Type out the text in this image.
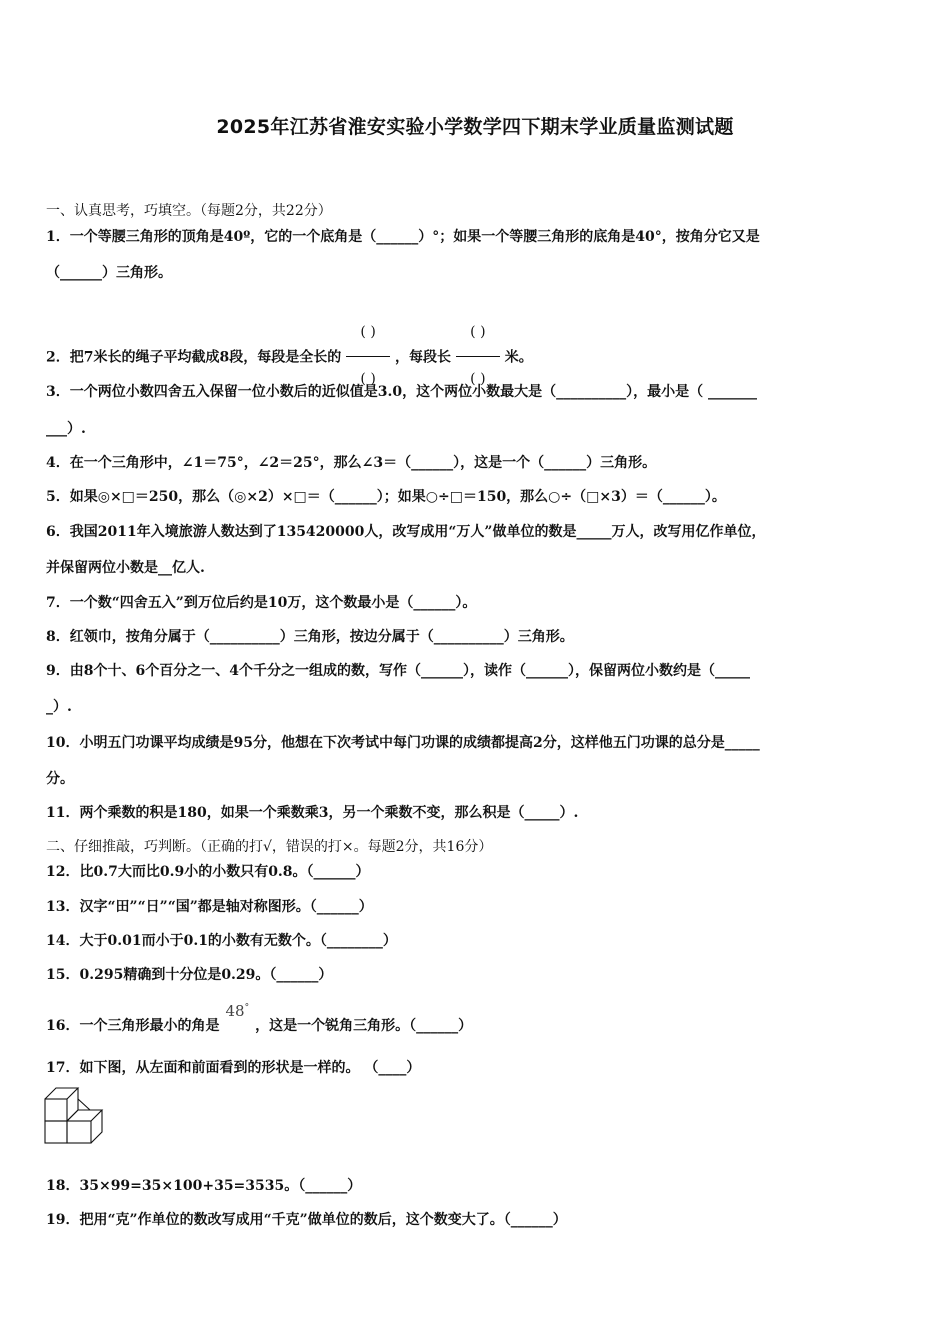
2025年江苏省淮安实验小学数学四下期末学业质量监测试题
一、认真思考，巧填空。（每题2分，共22分）
1．一个等腰三角形的顶角是40º，它的一个底角是（______）°；如果一个等腰三角形的底角是40°，按角分它又是
（______）三角形。
2．把7米长的绳子平均截成8段，每段是全长的 $\frac{( )}{( )}$ ，每段长 $\frac{( )}{( )}$ 米。
3．一个两位小数四舍五入保留一位小数后的近似值是3.0，这个两位小数最大是（__________），最小是（ _______
___）.
4．在一个三角形中，∠1＝75°，∠2＝25°，那么∠3＝（______），这是一个（______）三角形。
5．如果◎×□＝250，那么（◎×2）×□＝（______）；如果○÷□＝150，那么○÷（□×3）＝（______）。
6．我国2011年入境旅游人数达到了135420000人，改写成用“万人”做单位的数是_____万人，改写用亿作单位，
并保留两位小数是__亿人.
7．一个数“四舍五入”到万位后约是10万，这个数最小是（______）。
8．红领巾，按角分属于（__________）三角形，按边分属于（__________）三角形。
9．由8个十、6个百分之一、4个千分之一组成的数，写作（______），读作（______），保留两位小数约是（_____
_）.
10．小明五门功课平均成绩是95分，他想在下次考试中每门功课的成绩都提高2分，这样他五门功课的总分是_____
分。
11．两个乘数的积是180，如果一个乘数乘3，另一个乘数不变，那么积是（_____）.
二、仔细推敲，巧判断。（正确的打√，错误的打×。每题2分，共16分）
12．比0.7大而比0.9小的小数只有0.8。（______）
13．汉字“田”“日”“国”都是轴对称图形。（______）
14．大于0.01而小于0.1的小数有无数个。（________）
15．0.295精确到十分位是0.29。（______）
16．一个三角形最小的角是48°，这是一个锐角三角形。（______）
17．如下图，从左面和前面看到的形状是一样的。 （____）
18．35×99=35×100+35=3535。（______）
19．把用“克”作单位的数改写成用“千克”做单位的数后，这个数变大了。（______）
